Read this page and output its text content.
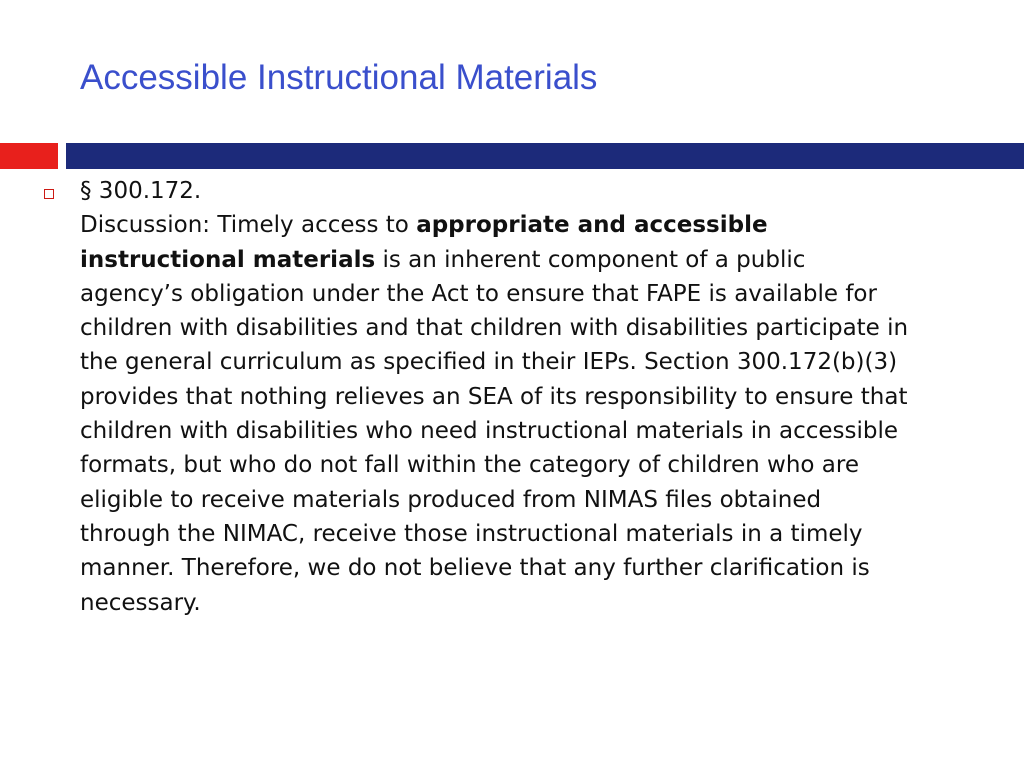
Accessible Instructional Materials

§ 300.172.

Discussion: Timely access to appropriate and accessible instructional materials is an inherent component of a public agency’s obligation under the Act to ensure that FAPE is available for children with disabilities and that children with disabilities participate in the general curriculum as specified in their IEPs. Section 300.172(b)(3) provides that nothing relieves an SEA of its responsibility to ensure that children with disabilities who need instructional materials in accessible formats, but who do not fall within the category of children who are eligible to receive materials produced from NIMAS files obtained through the NIMAC, receive those instructional materials in a timely manner. Therefore, we do not believe that any further clarification is necessary.
